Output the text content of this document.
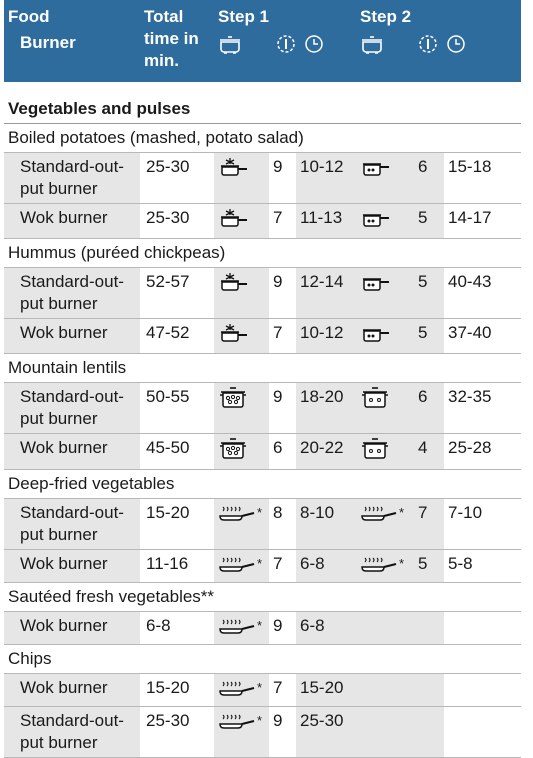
Food	Total time in min.	Step 1			Step 2		
Burner	

Vegetables and pulses							
Boiled potatoes (mashed, potato salad)							
Standard-out-put burner	25-30		9	10-12		6	15-18
Wok burner	25-30		7	11-13		5	14-17
Hummus (puréed chickpeas)							
Standard-out-put burner	52-57		9	12-14		5	40-43
Wok burner	47-52		7	10-12		5	37-40
Mountain lentils							
Standard-out-put burner	50-55		9	18-20		6	32-35
Wok burner	45-50		6	20-22		4	25-28
Deep-fried vegetables							
Standard-out-put burner	15-20	*	8	8-10	*	7	7-10
Wok burner	11-16	*	7	6-8	*	5	5-8
Sautéed fresh vegetables**							
Wok burner	6-8	*	9	6-8			
Chips							
Wok burner	15-20	*	7	15-20			
Standard-out-put burner	25-30	*	9	25-30			
